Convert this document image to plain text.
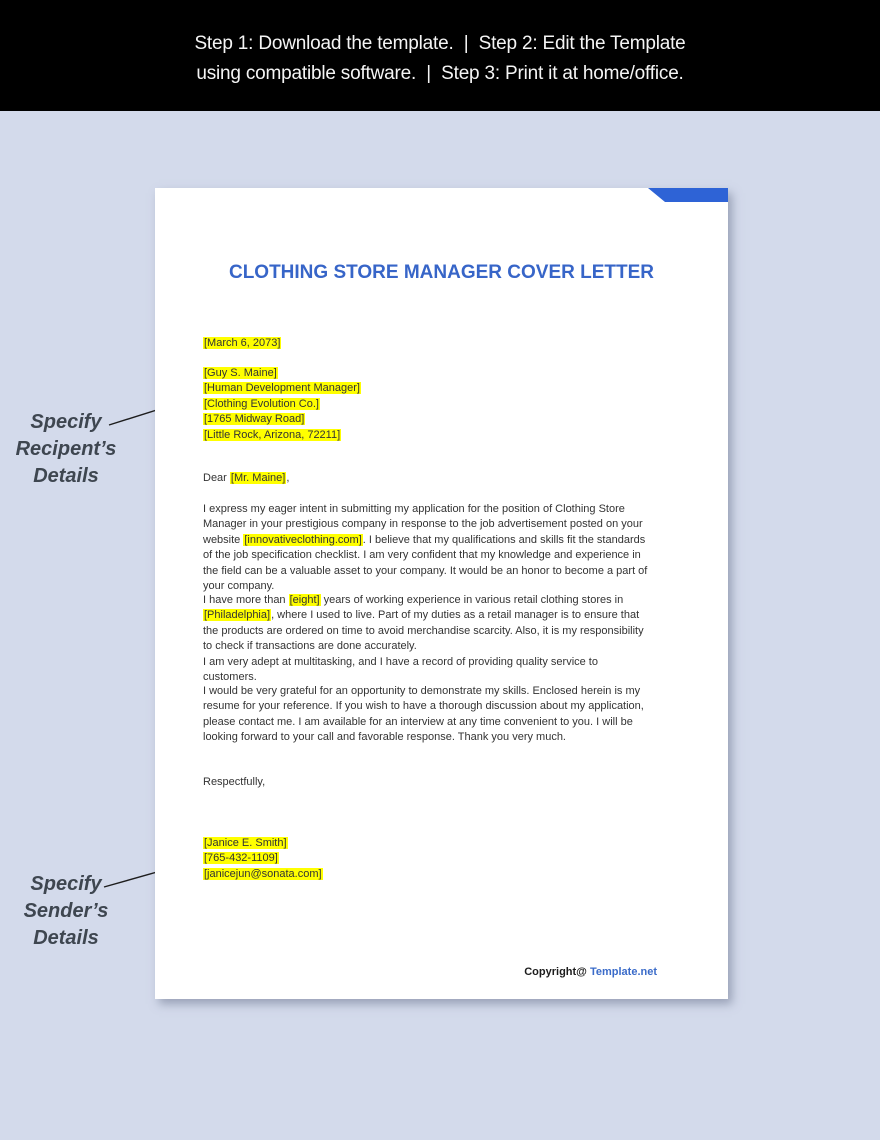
Step 1: Download the template.  |  Step 2: Edit the Template
using compatible software.  |  Step 3: Print it at home/office.
Specify
Recipent’s
Details
Specify
Sender’s
Details
CLOTHING STORE MANAGER COVER LETTER
[March 6, 2073]
[Guy S. Maine]
[Human Development Manager]
[Clothing Evolution Co.]
[1765 Midway Road]
[Little Rock, Arizona, 72211]
Dear [Mr. Maine],
I express my eager intent in submitting my application for the position of Clothing Store Manager in your prestigious company in response to the job advertisement posted on your website [innovativeclothing.com]. I believe that my qualifications and skills fit the standards of the job specification checklist. I am very confident that my knowledge and experience in the field can be a valuable asset to your company. It would be an honor to become a part of your company.
I have more than [eight] years of working experience in various retail clothing stores in [Philadelphia], where I used to live. Part of my duties as a retail manager is to ensure that the products are ordered on time to avoid merchandise scarcity. Also, it is my responsibility to check if transactions are done accurately.
I am very adept at multitasking, and I have a record of providing quality service to customers.
I would be very grateful for an opportunity to demonstrate my skills. Enclosed herein is my resume for your reference. If you wish to have a thorough discussion about my application, please contact me. I am available for an interview at any time convenient to you. I will be looking forward to your call and favorable response. Thank you very much.
Respectfully,
[Janice E. Smith]
[765-432-1109]
[janicejun@sonata.com]
Copyright@ Template.net
